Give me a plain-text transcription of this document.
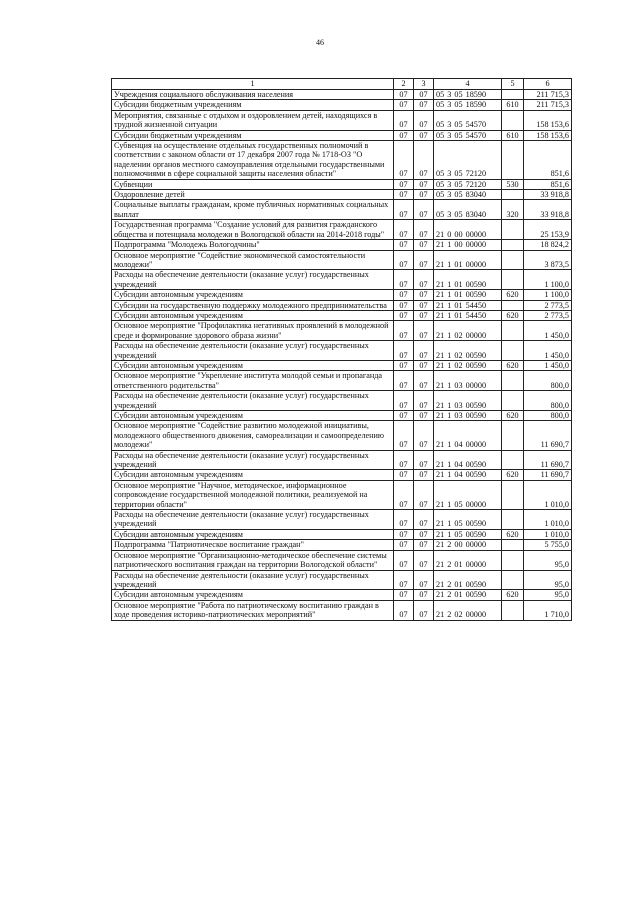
46
1	2	3	4	5	6
Учреждения социального обслуживания населения	07	07	05 3 05 18590		211 715,3
Субсидии бюджетным учреждениям	07	07	05 3 05 18590	610	211 715,3
Мероприятия, связанные с отдыхом и оздоровлением детей, находящихся в трудной жизненной ситуации	07	07	05 3 05 54570		158 153,6
Субсидии бюджетным учреждениям	07	07	05 3 05 54570	610	158 153,6
Субвенция на осуществление отдельных государственных полномочий в соответствии с законом области от 17 декабря 2007 года № 1718-ОЗ "О наделении органов местного самоуправления отдельными государственными полномочиями в сфере социальной защиты населения области"	07	07	05 3 05 72120		851,6
Субвенции	07	07	05 3 05 72120	530	851,6
Оздоровление детей	07	07	05 3 05 83040		33 918,8
Социальные выплаты гражданам, кроме публичных нормативных социальных выплат	07	07	05 3 05 83040	320	33 918,8
Государственная программа "Создание условий для развития гражданского общества и потенциала молодежи в Вологодской области на 2014-2018 годы"	07	07	21 0 00 00000		25 153,9
Подпрограмма "Молодежь Вологодчины"	07	07	21 1 00 00000		18 824,2
Основное мероприятие "Содействие экономической самостоятельности молодежи"	07	07	21 1 01 00000		3 873,5
Расходы на обеспечение деятельности (оказание услуг) государственных учреждений	07	07	21 1 01 00590		1 100,0
Субсидии автономным учреждениям	07	07	21 1 01 00590	620	1 100,0
Субсидии на государственную поддержку молодежного предпринимательства	07	07	21 1 01 54450		2 773,5
Субсидии автономным учреждениям	07	07	21 1 01 54450	620	2 773,5
Основное мероприятие "Профилактика негативных проявлений в молодежной среде и формирование здорового образа жизни"	07	07	21 1 02 00000		1 450,0
Расходы на обеспечение деятельности (оказание услуг) государственных учреждений	07	07	21 1 02 00590		1 450,0
Субсидии автономным учреждениям	07	07	21 1 02 00590	620	1 450,0
Основное мероприятие "Укрепление института молодой семьи и пропаганда ответственного родительства"	07	07	21 1 03 00000		800,0
Расходы на обеспечение деятельности (оказание услуг) государственных учреждений	07	07	21 1 03 00590		800,0
Субсидии автономным учреждениям	07	07	21 1 03 00590	620	800,0
Основное мероприятие "Содействие развитию молодежной инициативы, молодежного общественного движения, самореализации и самоопределению молодежи"	07	07	21 1 04 00000		11 690,7
Расходы на обеспечение деятельности (оказание услуг) государственных учреждений	07	07	21 1 04 00590		11 690,7
Субсидии автономным учреждениям	07	07	21 1 04 00590	620	11 690,7
Основное мероприятие "Научное, методическое, информационное сопровождение государственной молодежной политики, реализуемой на территории области"	07	07	21 1 05 00000		1 010,0
Расходы на обеспечение деятельности (оказание услуг) государственных учреждений	07	07	21 1 05 00590		1 010,0
Субсидии автономным учреждениям	07	07	21 1 05 00590	620	1 010,0
Подпрограмма "Патриотическое воспитание граждан"	07	07	21 2 00 00000		5 755,0
Основное мероприятие "Организационно-методическое обеспечение системы патриотического воспитания граждан на территории Вологодской области"	07	07	21 2 01 00000		95,0
Расходы на обеспечение деятельности (оказание услуг) государственных учреждений	07	07	21 2 01 00590		95,0
Субсидии автономным учреждениям	07	07	21 2 01 00590	620	95,0
Основное мероприятие "Работа по патриотическому воспитанию граждан в ходе проведения историко-патриотических мероприятий"	07	07	21 2 02 00000		1 710,0
